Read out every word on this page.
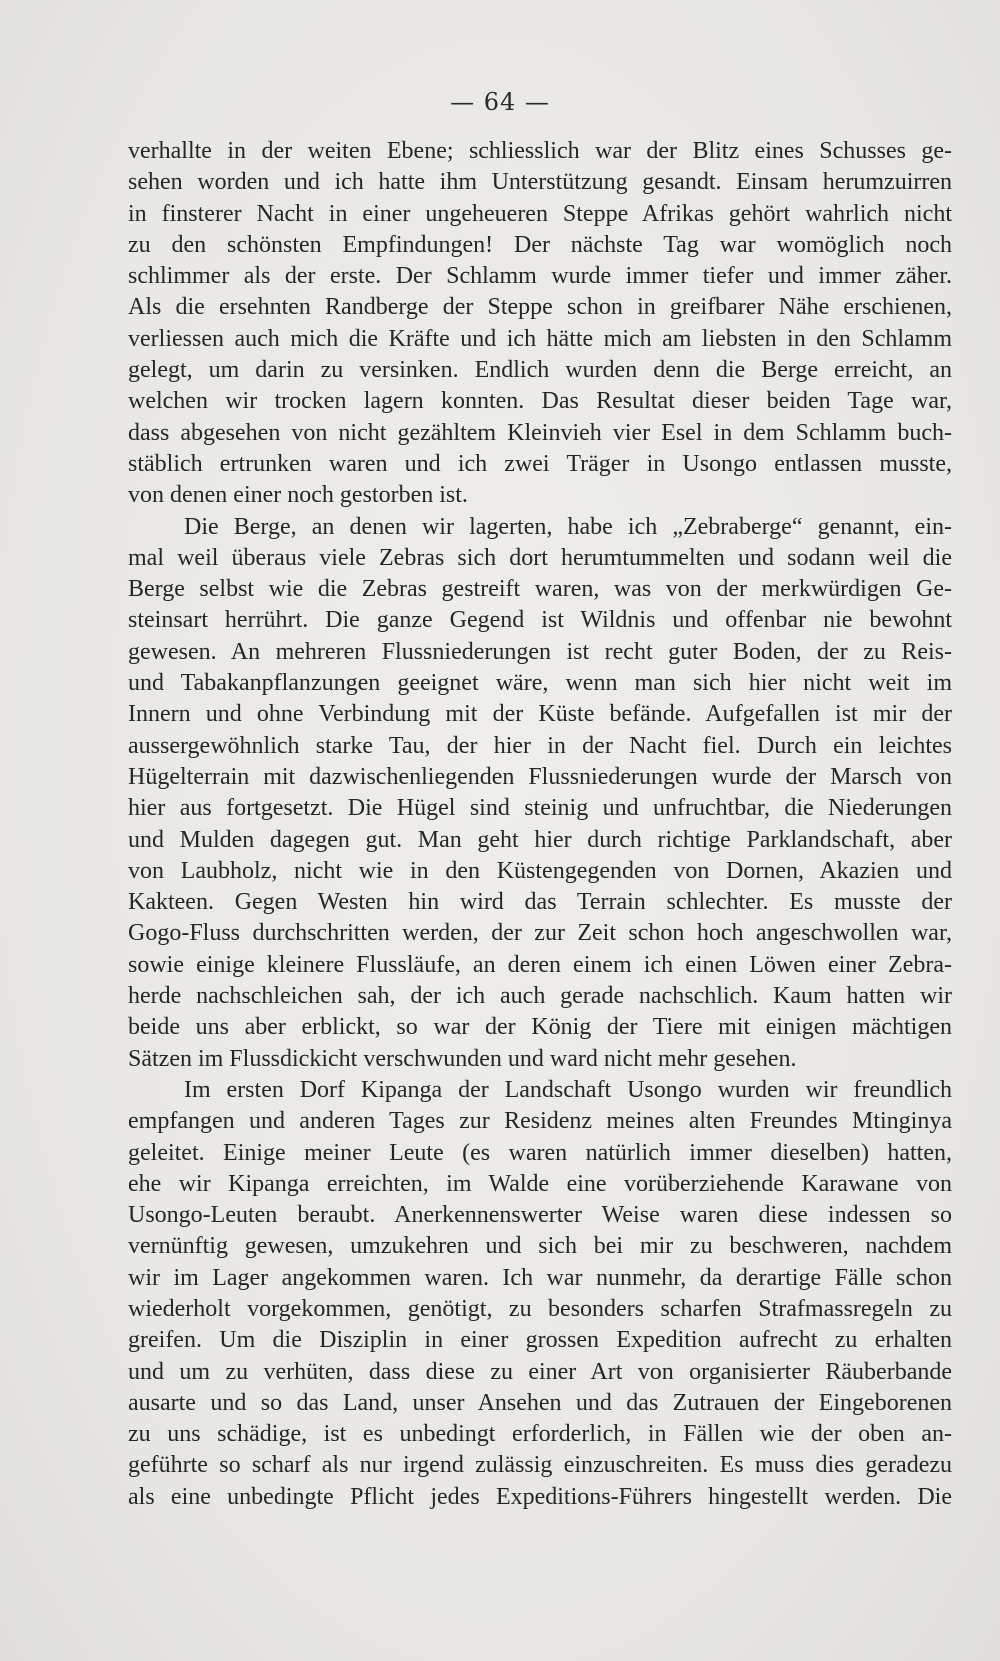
— 64 —
verhallte in der weiten Ebene; schliesslich war der Blitz eines Schusses ge-
sehen worden und ich hatte ihm Unterstützung gesandt. Einsam herumzuirren
in finsterer Nacht in einer ungeheueren Steppe Afrikas gehört wahrlich nicht
zu den schönsten Empfindungen! Der nächste Tag war womöglich noch
schlimmer als der erste. Der Schlamm wurde immer tiefer und immer zäher.
Als die ersehnten Randberge der Steppe schon in greifbarer Nähe erschienen,
verliessen auch mich die Kräfte und ich hätte mich am liebsten in den Schlamm
gelegt, um darin zu versinken. Endlich wurden denn die Berge erreicht, an
welchen wir trocken lagern konnten. Das Resultat dieser beiden Tage war,
dass abgesehen von nicht gezähltem Kleinvieh vier Esel in dem Schlamm buch-
stäblich ertrunken waren und ich zwei Träger in Usongo entlassen musste,
von denen einer noch gestorben ist.
Die Berge, an denen wir lagerten, habe ich „Zebraberge“ genannt, ein-
mal weil überaus viele Zebras sich dort herumtummelten und sodann weil die
Berge selbst wie die Zebras gestreift waren, was von der merkwürdigen Ge-
steinsart herrührt. Die ganze Gegend ist Wildnis und offenbar nie bewohnt
gewesen. An mehreren Flussniederungen ist recht guter Boden, der zu Reis-
und Tabakanpflanzungen geeignet wäre, wenn man sich hier nicht weit im
Innern und ohne Verbindung mit der Küste befände. Aufgefallen ist mir der
aussergewöhnlich starke Tau, der hier in der Nacht fiel. Durch ein leichtes
Hügelterrain mit dazwischenliegenden Flussniederungen wurde der Marsch von
hier aus fortgesetzt. Die Hügel sind steinig und unfruchtbar, die Niederungen
und Mulden dagegen gut. Man geht hier durch richtige Parklandschaft, aber
von Laubholz, nicht wie in den Küstengegenden von Dornen, Akazien und
Kakteen. Gegen Westen hin wird das Terrain schlechter. Es musste der
Gogo-Fluss durchschritten werden, der zur Zeit schon hoch angeschwollen war,
sowie einige kleinere Flussläufe, an deren einem ich einen Löwen einer Zebra-
herde nachschleichen sah, der ich auch gerade nachschlich. Kaum hatten wir
beide uns aber erblickt, so war der König der Tiere mit einigen mächtigen
Sätzen im Flussdickicht verschwunden und ward nicht mehr gesehen.
Im ersten Dorf Kipanga der Landschaft Usongo wurden wir freundlich
empfangen und anderen Tages zur Residenz meines alten Freundes Mtinginya
geleitet. Einige meiner Leute (es waren natürlich immer dieselben) hatten,
ehe wir Kipanga erreichten, im Walde eine vorüberziehende Karawane von
Usongo-Leuten beraubt. Anerkennenswerter Weise waren diese indessen so
vernünftig gewesen, umzukehren und sich bei mir zu beschweren, nachdem
wir im Lager angekommen waren. Ich war nunmehr, da derartige Fälle schon
wiederholt vorgekommen, genötigt, zu besonders scharfen Strafmassregeln zu
greifen. Um die Disziplin in einer grossen Expedition aufrecht zu erhalten
und um zu verhüten, dass diese zu einer Art von organisierter Räuberbande
ausarte und so das Land, unser Ansehen und das Zutrauen der Eingeborenen
zu uns schädige, ist es unbedingt erforderlich, in Fällen wie der oben an-
geführte so scharf als nur irgend zulässig einzuschreiten. Es muss dies geradezu
als eine unbedingte Pflicht jedes Expeditions-Führers hingestellt werden. Die
